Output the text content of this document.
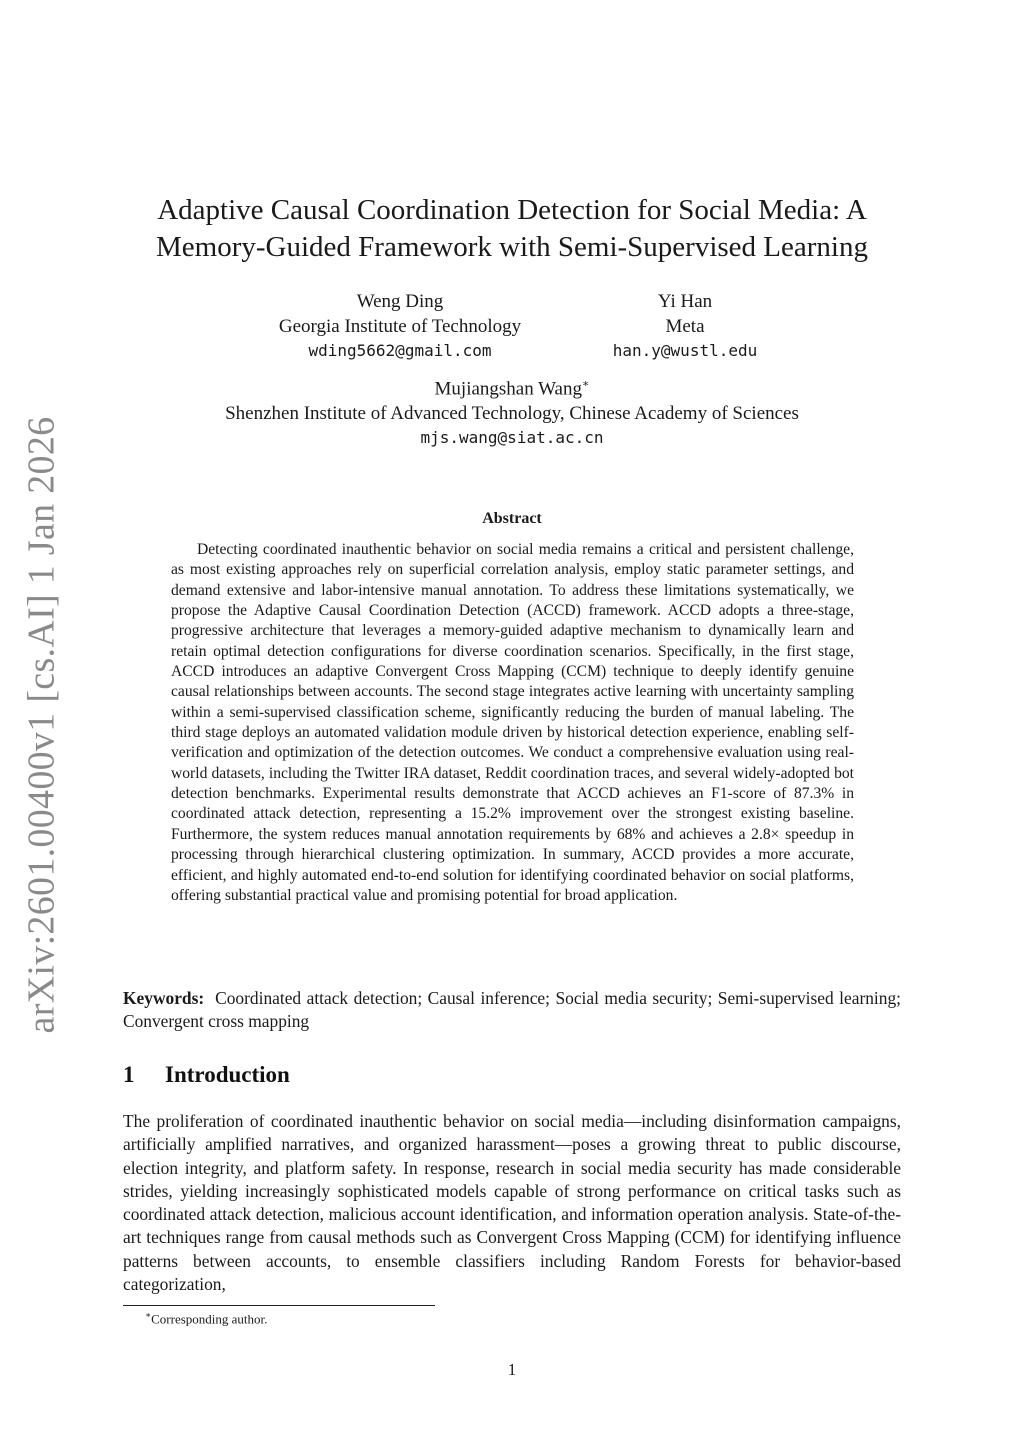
arXiv:2601.00400v1 [cs.AI] 1 Jan 2026
Adaptive Causal Coordination Detection for Social Media: A Memory-Guided Framework with Semi-Supervised Learning
Weng Ding
Georgia Institute of Technology
wding5662@gmail.com
Yi Han
Meta
han.y@wustl.edu
Mujiangshan Wang∗
Shenzhen Institute of Advanced Technology, Chinese Academy of Sciences
mjs.wang@siat.ac.cn
Abstract

Detecting coordinated inauthentic behavior on social media remains a critical and persistent challenge, as most existing approaches rely on superficial correlation analysis, employ static parameter settings, and demand extensive and labor-intensive manual annotation. To address these limitations systematically, we propose the Adaptive Causal Coordination Detection (ACCD) framework. ACCD adopts a three-stage, progressive architecture that leverages a memory-guided adaptive mechanism to dynamically learn and retain optimal detection configurations for diverse coordination scenarios. Specifically, in the first stage, ACCD introduces an adaptive Convergent Cross Mapping (CCM) technique to deeply identify genuine causal relationships between accounts. The second stage integrates active learning with uncertainty sampling within a semi-supervised classification scheme, significantly reducing the burden of manual labeling. The third stage deploys an automated validation module driven by historical detection experience, enabling self-verification and optimization of the detection outcomes. We conduct a comprehensive evaluation using real-world datasets, including the Twitter IRA dataset, Reddit coordination traces, and several widely-adopted bot detection benchmarks. Experimental results demonstrate that ACCD achieves an F1-score of 87.3% in coordinated attack detection, representing a 15.2% improvement over the strongest existing baseline. Furthermore, the system reduces manual annotation requirements by 68% and achieves a 2.8× speedup in processing through hierarchical clustering optimization. In summary, ACCD provides a more accurate, efficient, and highly automated end-to-end solution for identifying coordinated behavior on social platforms, offering substantial practical value and promising potential for broad application.

Keywords: Coordinated attack detection; Causal inference; Social media security; Semi-supervised learning; Convergent cross mapping

1 Introduction

The proliferation of coordinated inauthentic behavior on social media—including disinformation campaigns, artificially amplified narratives, and organized harassment—poses a growing threat to public discourse, election integrity, and platform safety. In response, research in social media security has made considerable strides, yielding increasingly sophisticated models capable of strong performance on critical tasks such as coordinated attack detection, malicious account identification, and information operation analysis. State-of-the-art techniques range from causal methods such as Convergent Cross Mapping (CCM) for identifying influence patterns between accounts, to ensemble classifiers including Random Forests for behavior-based categorization,

∗Corresponding author.
1
